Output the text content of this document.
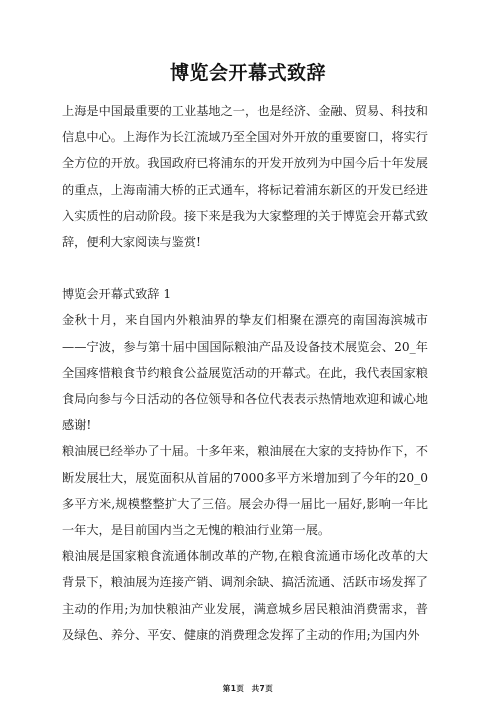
博览会开幕式致辞

上海是中国最重要的工业基地之一，也是经济、金融、贸易、科技和信息中心。上海作为长江流域乃至全国对外开放的重要窗口，将实行全方位的开放。我国政府已将浦东的开发开放列为中国今后十年发展的重点，上海南浦大桥的正式通车，将标记着浦东新区的开发已经进入实质性的启动阶段。接下来是我为大家整理的关于博览会开幕式致辞，便利大家阅读与鉴赏!

博览会开幕式致辞 1

金秋十月，来自国内外粮油界的挚友们相聚在漂亮的南国海滨城市——宁波，参与第十届中国国际粮油产品及设备技术展览会、20_年全国疼惜粮食节约粮食公益展览活动的开幕式。在此，我代表国家粮食局向参与今日活动的各位领导和各位代表表示热情地欢迎和诚心地感谢!

粮油展已经举办了十届。十多年来，粮油展在大家的支持协作下，不断发展壮大，展览面积从首届的7000多平方米增加到了今年的20_0多平方米,规模整整扩大了三倍。展会办得一届比一届好,影响一年比一年大，是目前国内当之无愧的粮油行业第一展。

粮油展是国家粮食流通体制改革的产物,在粮食流通市场化改革的大背景下，粮油展为连接产销、调剂余缺、搞活流通、活跃市场发挥了主动的作用;为加快粮油产业发展，满意城乡居民粮油消费需求，普及绿色、养分、平安、健康的消费理念发挥了主动的作用;为国内外

第1页 共7页
